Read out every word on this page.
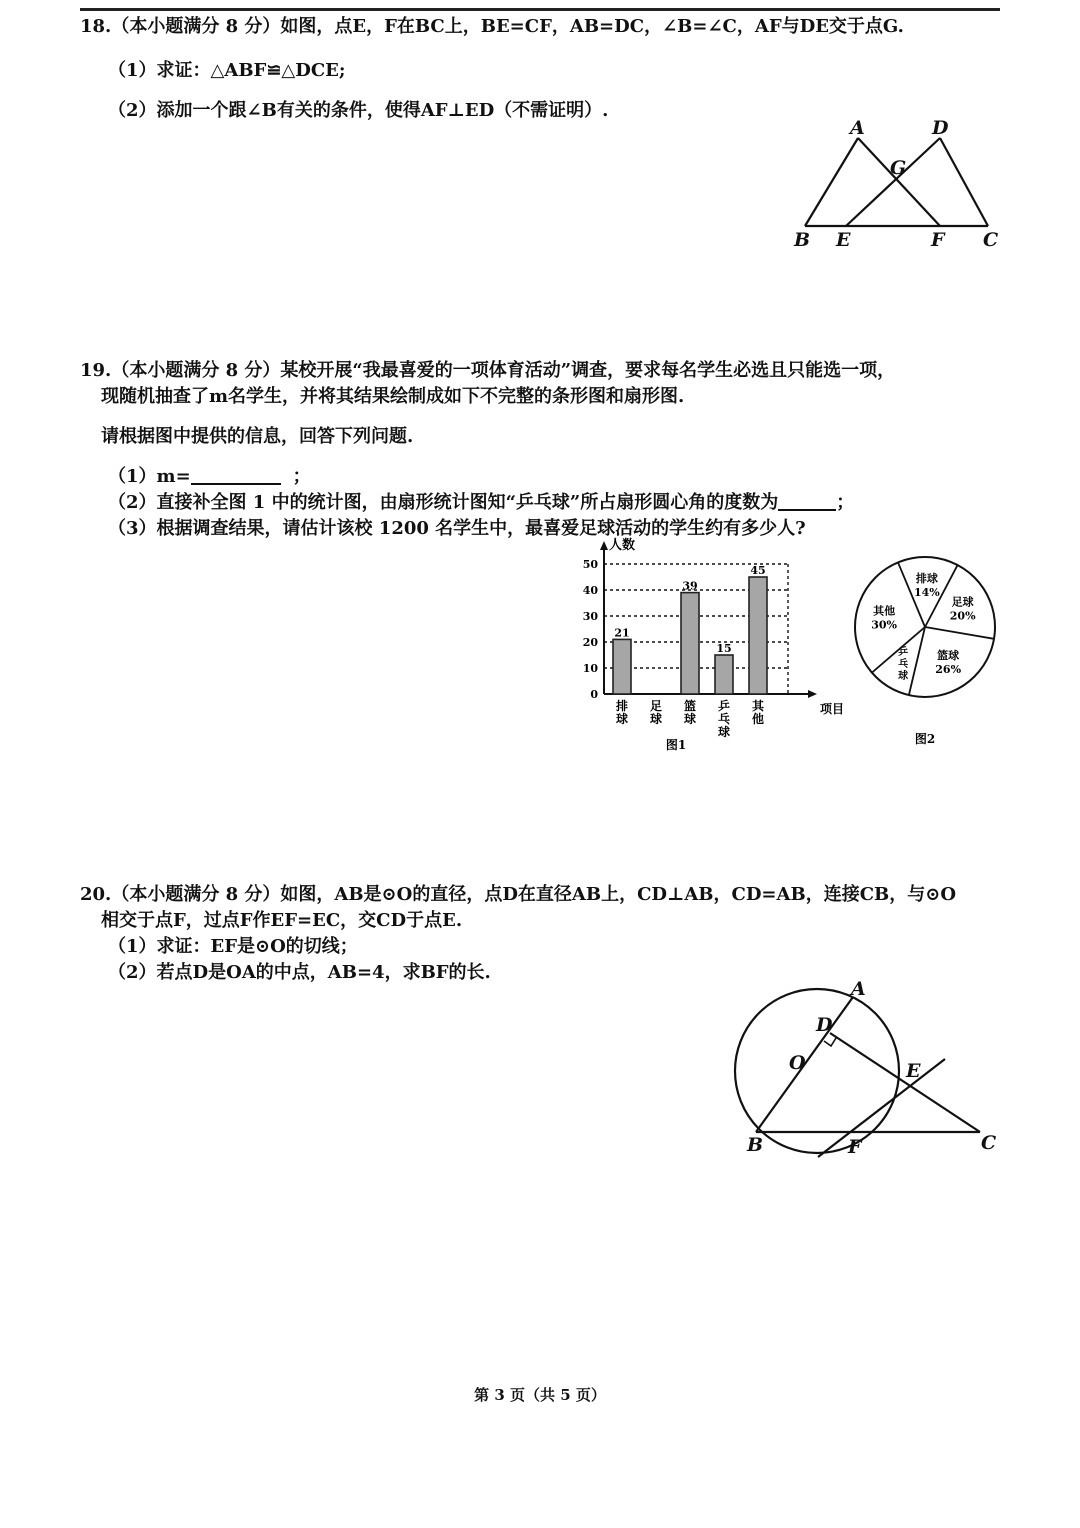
18.（本小题满分 8 分）如图，点E，F在BC上，BE=CF，AB=DC，∠B=∠C，AF与DE交于点G.
（1）求证：△ABF≌△DCE;
（2）添加一个跟∠B有关的条件，使得AF⊥ED（不需证明）.
A	D
G
B E	F C
19.（本小题满分 8 分）某校开展“我最喜爱的一项体育活动”调查，要求每名学生必选且只能选一项，
现随机抽查了m名学生，并将其结果绘制成如下不完整的条形图和扇形图.
请根据图中提供的信息，回答下列问题.
（1）m=	；
（2）直接补全图 1 中的统计图，由扇形统计图知“乒乓球”所占扇形圆心角的度数为	；
（3）根据调查结果，请估计该校 1200 名学生中，最喜爱足球活动的学生约有多少人?
人数
项目
0
10
20
30
40
50
21
排
球
足
球
39
篮
球
15
乒
乓
球
45
其
他
图1
排球
14%
足球
20%
篮球
26%
乒
乓
球
其他
30%
图2
20.（本小题满分 8 分）如图，AB是⊙O的直径，点D在直径AB上，CD⊥AB，CD=AB，连接CB，与⊙O
相交于点F，过点F作EF=EC，交CD于点E.
（1）求证：EF是⊙O的切线；
（2）若点D是OA的中点，AB=4，求BF的长.
A
D
O	E
B	F	C
第 3 页（共 5 页）
